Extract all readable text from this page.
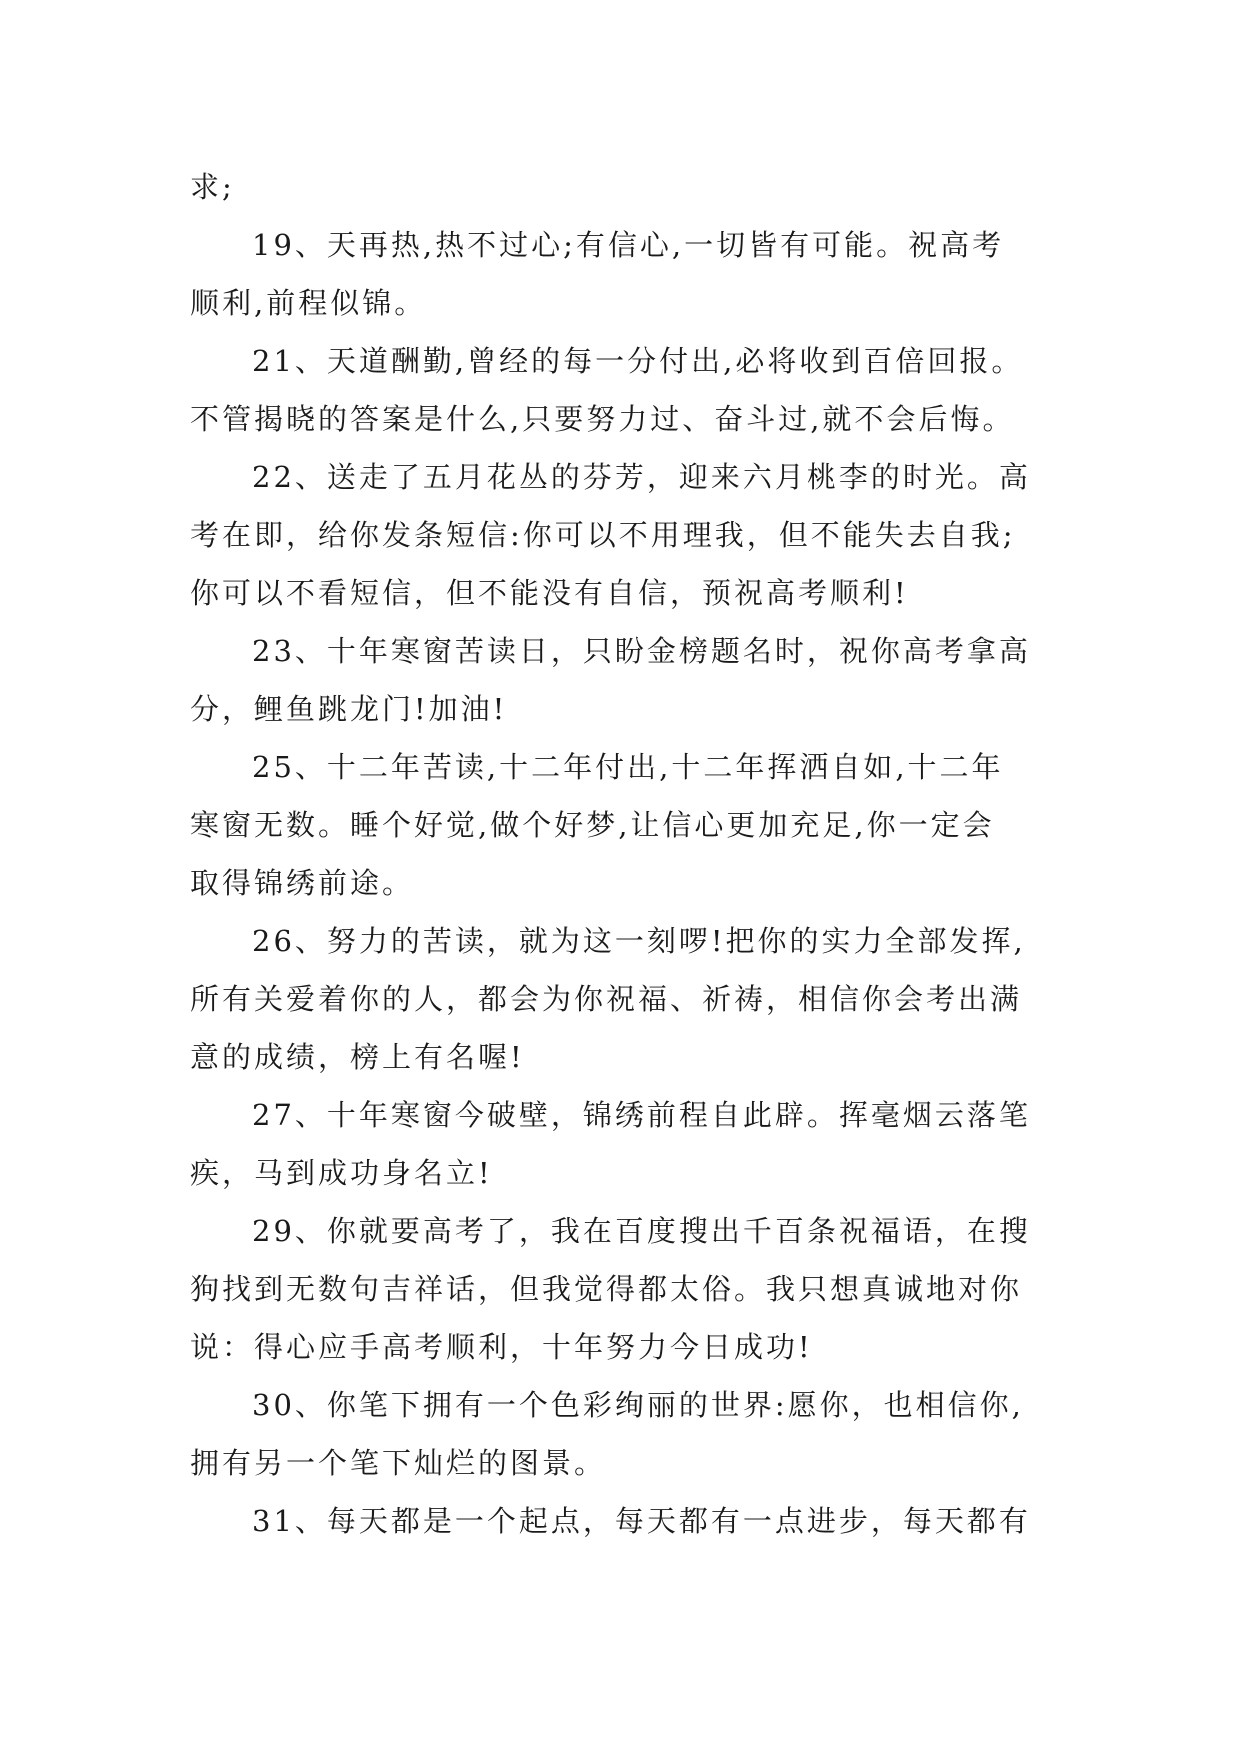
求;
19、天再热,热不过心;有信心,一切皆有可能。祝高考
顺利,前程似锦。
21、天道酬勤,曾经的每一分付出,必将收到百倍回报。
不管揭晓的答案是什么,只要努力过、奋斗过,就不会后悔。
22、送走了五月花丛的芬芳，迎来六月桃李的时光。高
考在即，给你发条短信:你可以不用理我，但不能失去自我;
你可以不看短信，但不能没有自信，预祝高考顺利!
23、十年寒窗苦读日，只盼金榜题名时，祝你高考拿高
分，鲤鱼跳龙门!加油!
25、十二年苦读,十二年付出,十二年挥洒自如,十二年
寒窗无数。睡个好觉,做个好梦,让信心更加充足,你一定会
取得锦绣前途。
26、努力的苦读，就为这一刻啰!把你的实力全部发挥,
所有关爱着你的人，都会为你祝福、祈祷，相信你会考出满
意的成绩，榜上有名喔!
27、十年寒窗今破壁，锦绣前程自此辟。挥毫烟云落笔
疾，马到成功身名立!
29、你就要高考了，我在百度搜出千百条祝福语，在搜
狗找到无数句吉祥话，但我觉得都太俗。我只想真诚地对你
说：得心应手高考顺利，十年努力今日成功!
30、你笔下拥有一个色彩绚丽的世界:愿你，也相信你,
拥有另一个笔下灿烂的图景。
31、每天都是一个起点，每天都有一点进步，每天都有
